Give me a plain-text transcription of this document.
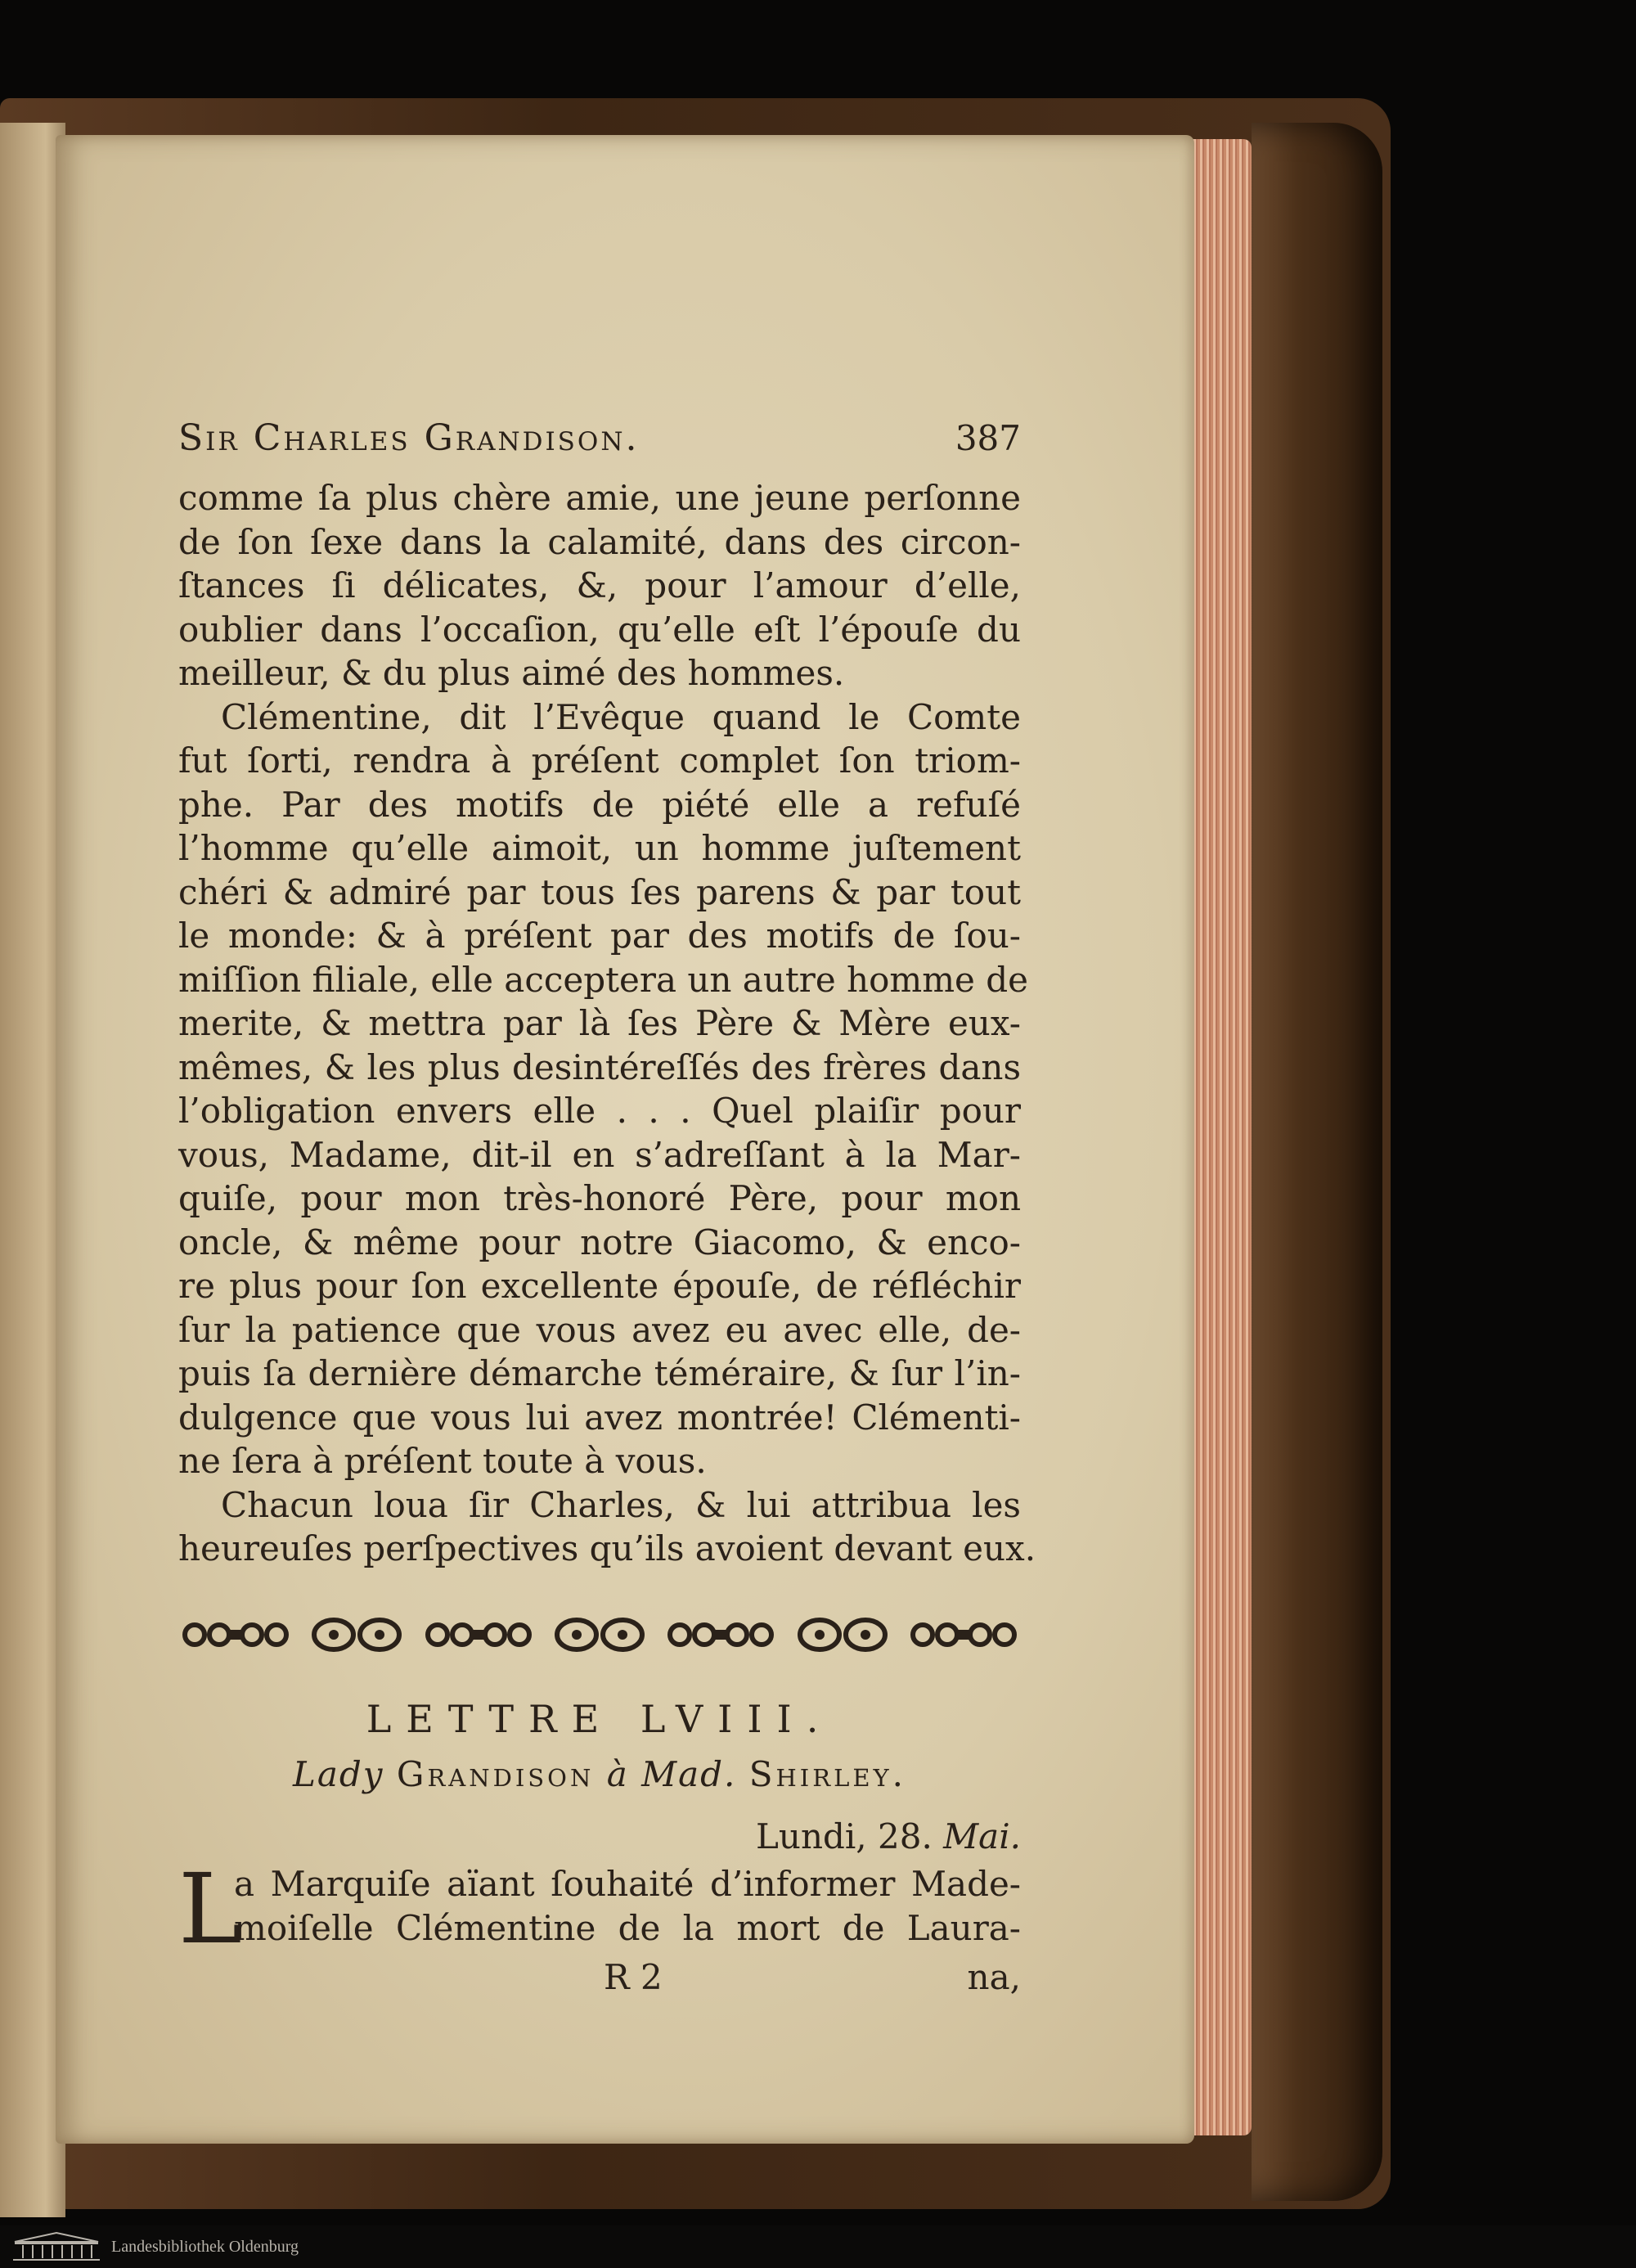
Sir Charles Grandison.	387
comme ſa plus chère amie, une jeune perſonne
de ſon ſexe dans la calamité, dans des circon-
ſtances ſi délicates, &, pour l’amour d’elle,
oublier dans l’occaſion, qu’elle eſt l’épouſe du
meilleur, & du plus aimé des hommes.
Clémentine, dit l’Evêque quand le Comte
fut ſorti, rendra à préſent complet ſon triom-
phe. Par des motifs de piété elle a refuſé
l’homme qu’elle aimoit, un homme juſtement
chéri & admiré par tous ſes parens & par tout
le monde: & à préſent par des motifs de ſou-
miſſion filiale, elle acceptera un autre homme de
merite, & mettra par là ſes Père & Mère eux-
mêmes, & les plus desintéreſſés des frères dans
l’obligation envers elle . . . Quel plaiſir pour
vous, Madame, dit-il en s’adreſſant à la Mar-
quiſe, pour mon très-honoré Père, pour mon
oncle, & même pour notre Giacomo, & enco-
re plus pour ſon excellente épouſe, de réfléchir
ſur la patience que vous avez eu avec elle, de-
puis ſa dernière démarche téméraire, & ſur l’in-
dulgence que vous lui avez montrée! Clémenti-
ne ſera à préſent toute à vous.
Chacun loua ſir Charles, & lui attribua les
heureuſes perſpectives qu’ils avoient devant eux.
LETTRE LVIII.
Lady Grandison à Mad. Shirley.
Lundi, 28. Mai.
L
a Marquiſe aïant ſouhaité d’informer Made-
moiſelle Clémentine de la mort de Laura-
R 2	na,
Landesbibliothek Oldenburg
